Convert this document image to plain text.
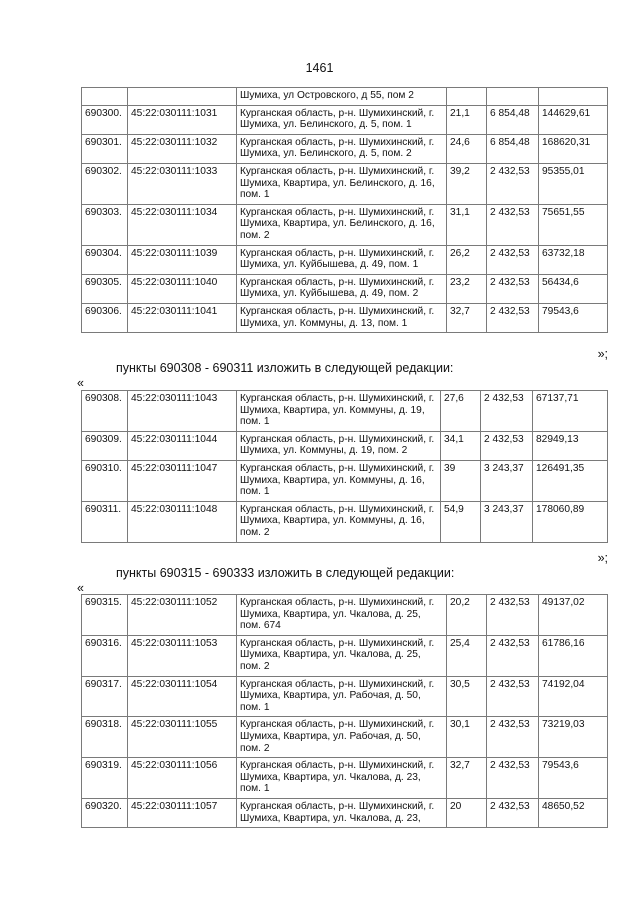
1461
		Шумиха, ул Островского, д 55, пом 2			
690300.	45:22:030111:1031	Курганская область, р-н. Шумихинский, г. Шумиха, ул. Белинского, д. 5, пом. 1	21,1	6 854,48	144629,61
690301.	45:22:030111:1032	Курганская область, р-н. Шумихинский, г. Шумиха, ул. Белинского, д. 5, пом. 2	24,6	6 854,48	168620,31
690302.	45:22:030111:1033	Курганская область, р-н. Шумихинский, г. Шумиха, Квартира, ул. Белинского, д. 16, пом. 1	39,2	2 432,53	95355,01
690303.	45:22:030111:1034	Курганская область, р-н. Шумихинский, г. Шумиха, Квартира, ул. Белинского, д. 16, пом. 2	31,1	2 432,53	75651,55
690304.	45:22:030111:1039	Курганская область, р-н. Шумихинский, г. Шумиха, ул. Куйбышева, д. 49, пом. 1	26,2	2 432,53	63732,18
690305.	45:22:030111:1040	Курганская область, р-н. Шумихинский, г. Шумиха, ул. Куйбышева, д. 49, пом. 2	23,2	2 432,53	56434,6
690306.	45:22:030111:1041	Курганская область, р-н. Шумихинский, г. Шумиха, ул. Коммуны, д. 13, пом. 1	32,7	2 432,53	79543,6
»;
пункты 690308 - 690311 изложить в следующей редакции:
«
690308.	45:22:030111:1043	Курганская область, р-н. Шумихинский, г. Шумиха, Квартира, ул. Коммуны, д. 19, пом. 1	27,6	2 432,53	67137,71
690309.	45:22:030111:1044	Курганская область, р-н. Шумихинский, г. Шумиха, ул. Коммуны, д. 19, пом. 2	34,1	2 432,53	82949,13
690310.	45:22:030111:1047	Курганская область, р-н. Шумихинский, г. Шумиха, Квартира, ул. Коммуны, д. 16, пом. 1	39	3 243,37	126491,35
690311.	45:22:030111:1048	Курганская область, р-н. Шумихинский, г. Шумиха, Квартира, ул. Коммуны, д. 16, пом. 2	54,9	3 243,37	178060,89
»;
пункты 690315 - 690333 изложить в следующей редакции:
«
690315.	45:22:030111:1052	Курганская область, р-н. Шумихинский, г. Шумиха, Квартира, ул. Чкалова, д. 25, пом. 674	20,2	2 432,53	49137,02
690316.	45:22:030111:1053	Курганская область, р-н. Шумихинский, г. Шумиха, Квартира, ул. Чкалова, д. 25, пом. 2	25,4	2 432,53	61786,16
690317.	45:22:030111:1054	Курганская область, р-н. Шумихинский, г. Шумиха, Квартира, ул. Рабочая, д. 50, пом. 1	30,5	2 432,53	74192,04
690318.	45:22:030111:1055	Курганская область, р-н. Шумихинский, г. Шумиха, Квартира, ул. Рабочая, д. 50, пом. 2	30,1	2 432,53	73219,03
690319.	45:22:030111:1056	Курганская область, р-н. Шумихинский, г. Шумиха, Квартира, ул. Чкалова, д. 23, пом. 1	32,7	2 432,53	79543,6
690320.	45:22:030111:1057	Курганская область, р-н. Шумихинский, г. Шумиха, Квартира, ул. Чкалова, д. 23,	20	2 432,53	48650,52
